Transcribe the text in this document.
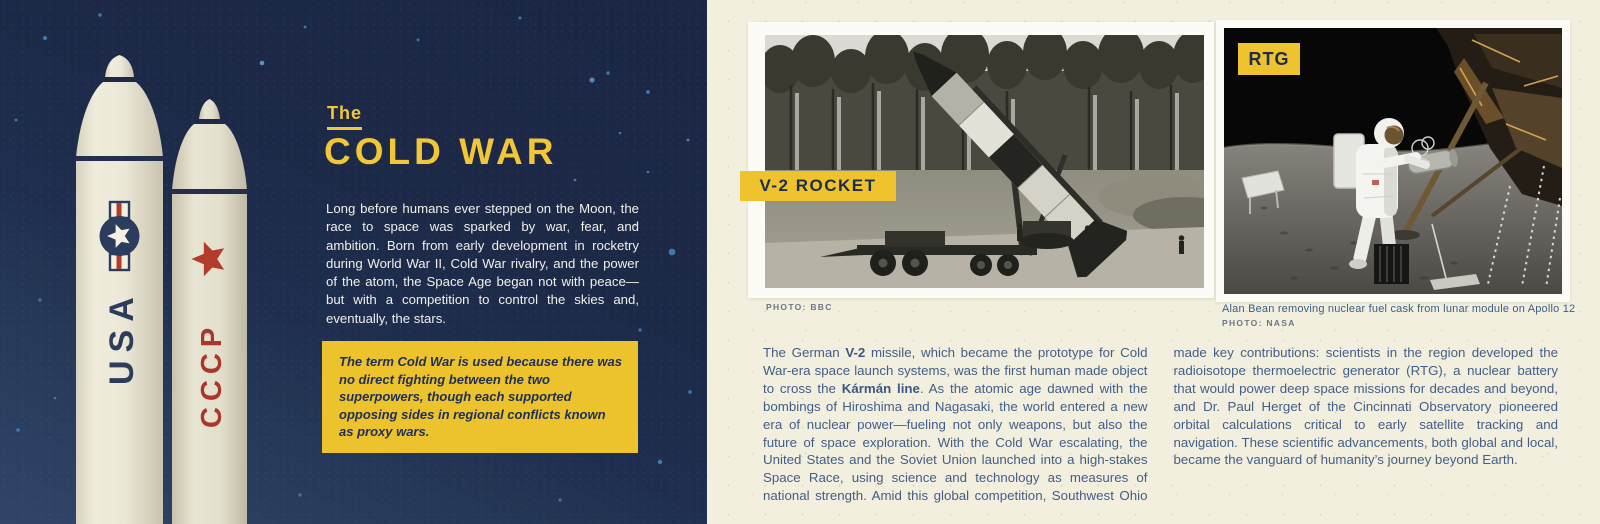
USA CCCP
The
COLD WAR

Long before humans ever stepped on the Moon, the race to space was sparked by war, fear, and ambition. Born from early development in rocketry during World War II, Cold War rivalry, and the power of the atom, the Space Age began not with peace—but with a competition to control the skies and, eventually, the stars.

The term Cold War is used because there was no direct fighting between the two superpowers, though each supported opposing sides in regional conflicts known as proxy wars.
V-2 ROCKET
PHOTO: BBC
RTG
Alan Bean removing nuclear fuel cask from lunar module on Apollo 12
PHOTO: NASA
The German V-2 missile, which became the prototype for Cold War-era space launch systems, was the first human made object to cross the Kármán line. As the atomic age dawned with the bombings of Hiroshima and Nagasaki, the world entered a new era of nuclear power—fueling not only weapons, but also the future of space exploration. With the Cold War escalating, the United States and the Soviet Union launched into a high-stakes Space Race, using science and technology as measures of national strength. Amid this global competition, Southwest Ohio made key contributions: scientists in the region developed the radioisotope thermoelectric generator (RTG), a nuclear battery that would power deep space missions for decades and beyond, and Dr. Paul Herget of the Cincinnati Observatory pioneered orbital calculations critical to early satellite tracking and navigation. These scientific advancements, both global and local, became the vanguard of humanity’s journey beyond Earth.
